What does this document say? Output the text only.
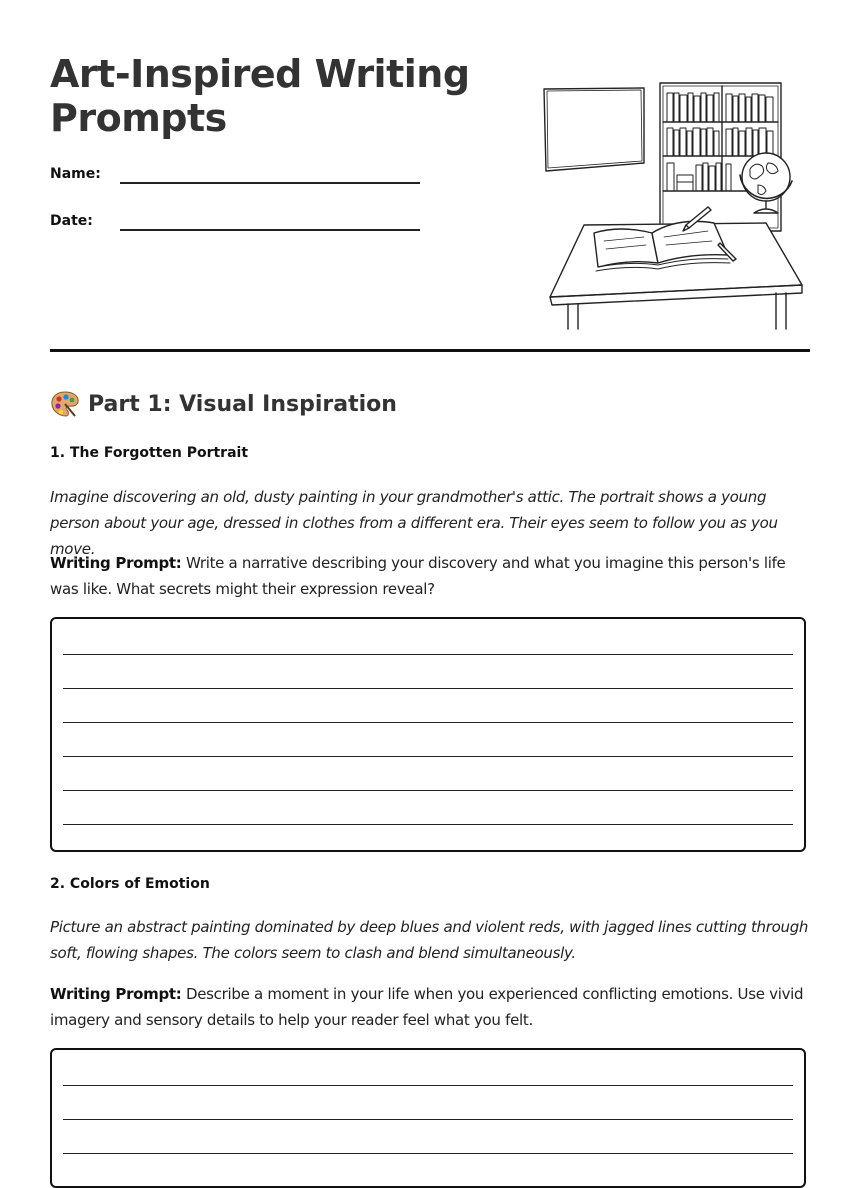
Art-Inspired Writing Prompts
Name:
Date:
Part 1: Visual Inspiration
1. The Forgotten Portrait

Imagine discovering an old, dusty painting in your grandmother's attic. The portrait shows a young person about your age, dressed in clothes from a different era. Their eyes seem to follow you as you move.

Writing Prompt: Write a narrative describing your discovery and what you imagine this person's life was like. What secrets might their expression reveal?

2. Colors of Emotion

Picture an abstract painting dominated by deep blues and violent reds, with jagged lines cutting through soft, flowing shapes. The colors seem to clash and blend simultaneously.

Writing Prompt: Describe a moment in your life when you experienced conflicting emotions. Use vivid imagery and sensory details to help your reader feel what you felt.
